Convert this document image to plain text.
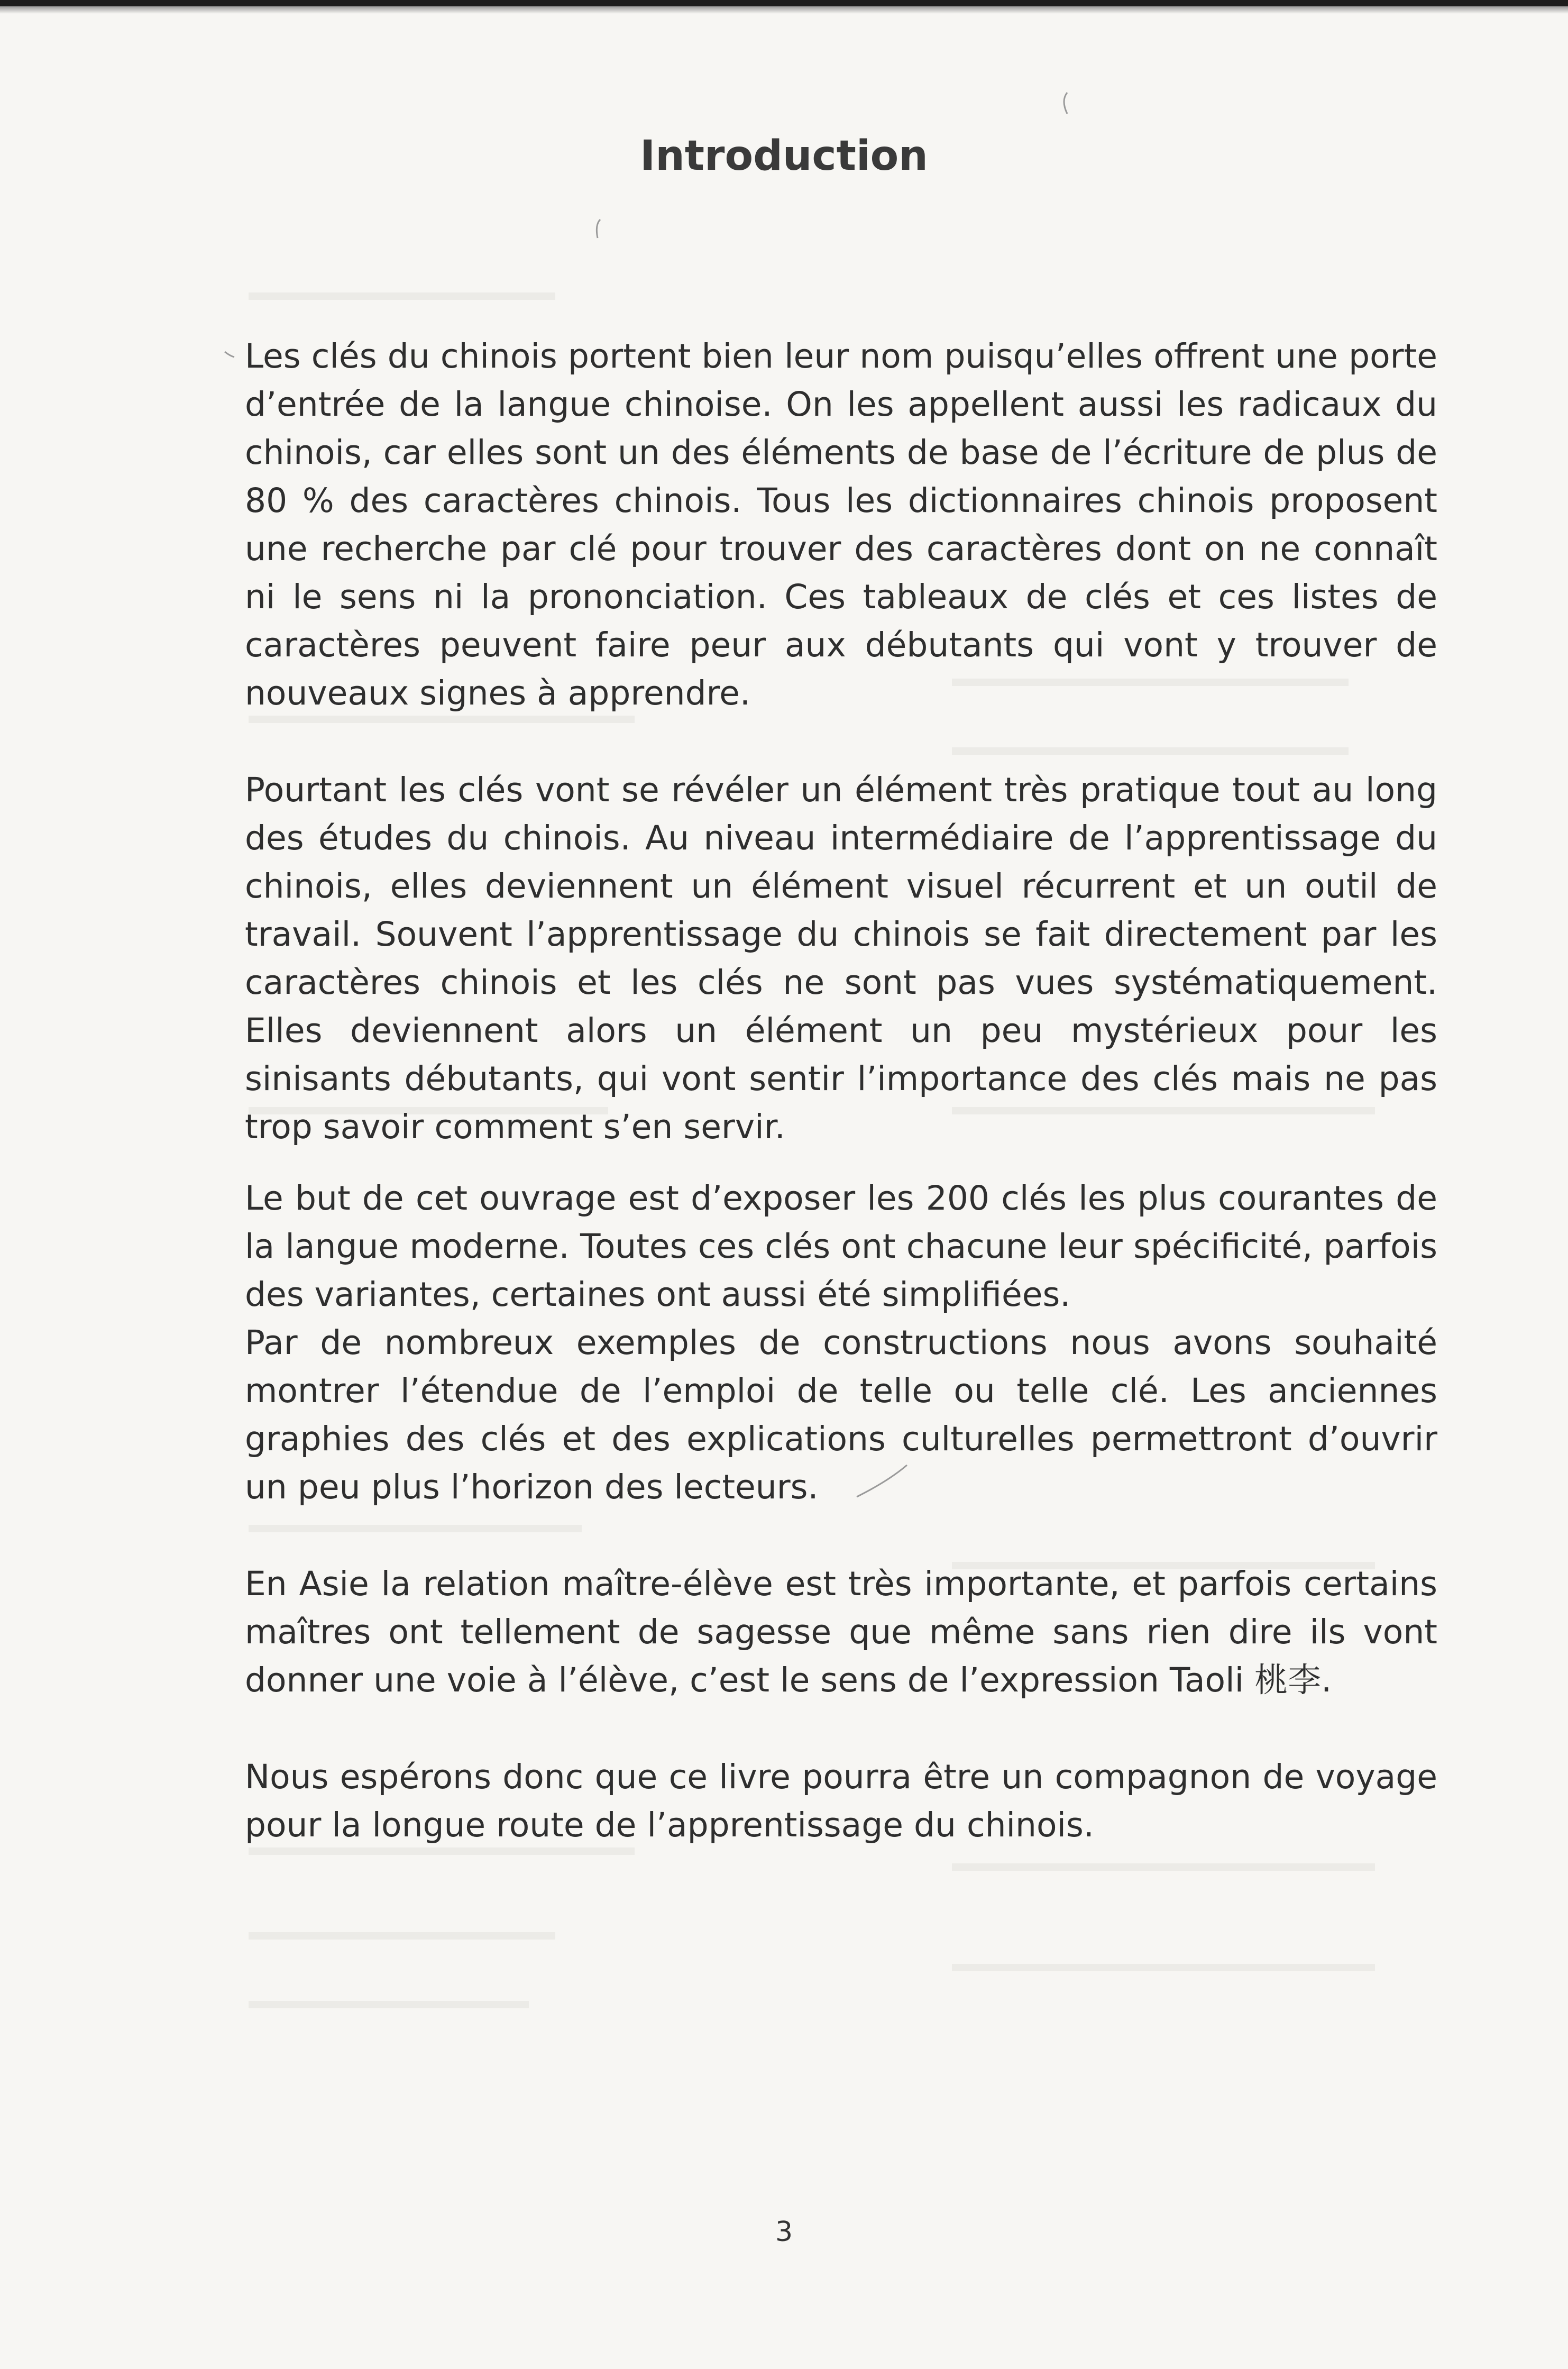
Introduction

Les clés du chinois portent bien leur nom puisqu’elles offrent une porte d’entrée de la langue chinoise. On les appellent aussi les radicaux du chinois, car elles sont un des éléments de base de l’écriture de plus de 80 % des caractères chinois. Tous les dictionnaires chinois proposent une recherche par clé pour trouver des caractères dont on ne connaît ni le sens ni la prononciation. Ces tableaux de clés et ces listes de caractères peuvent faire peur aux débutants qui vont y trouver de nouveaux signes à apprendre.

Pourtant les clés vont se révéler un élément très pratique tout au long des études du chinois. Au niveau intermédiaire de l’apprentissage du chinois, elles deviennent un élément visuel récurrent et un outil de travail. Souvent l’apprentissage du chinois se fait directement par les caractères chinois et les clés ne sont pas vues systématiquement. Elles deviennent alors un élément un peu mystérieux pour les sinisants débutants, qui vont sentir l’importance des clés mais ne pas trop savoir comment s’en servir.

Le but de cet ouvrage est d’exposer les 200 clés les plus courantes de la langue moderne. Toutes ces clés ont chacune leur spécificité, parfois des variantes, certaines ont aussi été simplifiées.

Par de nombreux exemples de constructions nous avons souhaité montrer l’étendue de l’emploi de telle ou telle clé. Les anciennes graphies des clés et des explications culturelles permettront d’ouvrir un peu plus l’horizon des lecteurs.

En Asie la relation maître-élève est très importante, et parfois certains maîtres ont tellement de sagesse que même sans rien dire ils vont donner une voie à l’élève, c’est le sens de l’expression Taoli 桃李.

Nous espérons donc que ce livre pourra être un compagnon de voyage pour la longue route de l’apprentissage du chinois.

3
